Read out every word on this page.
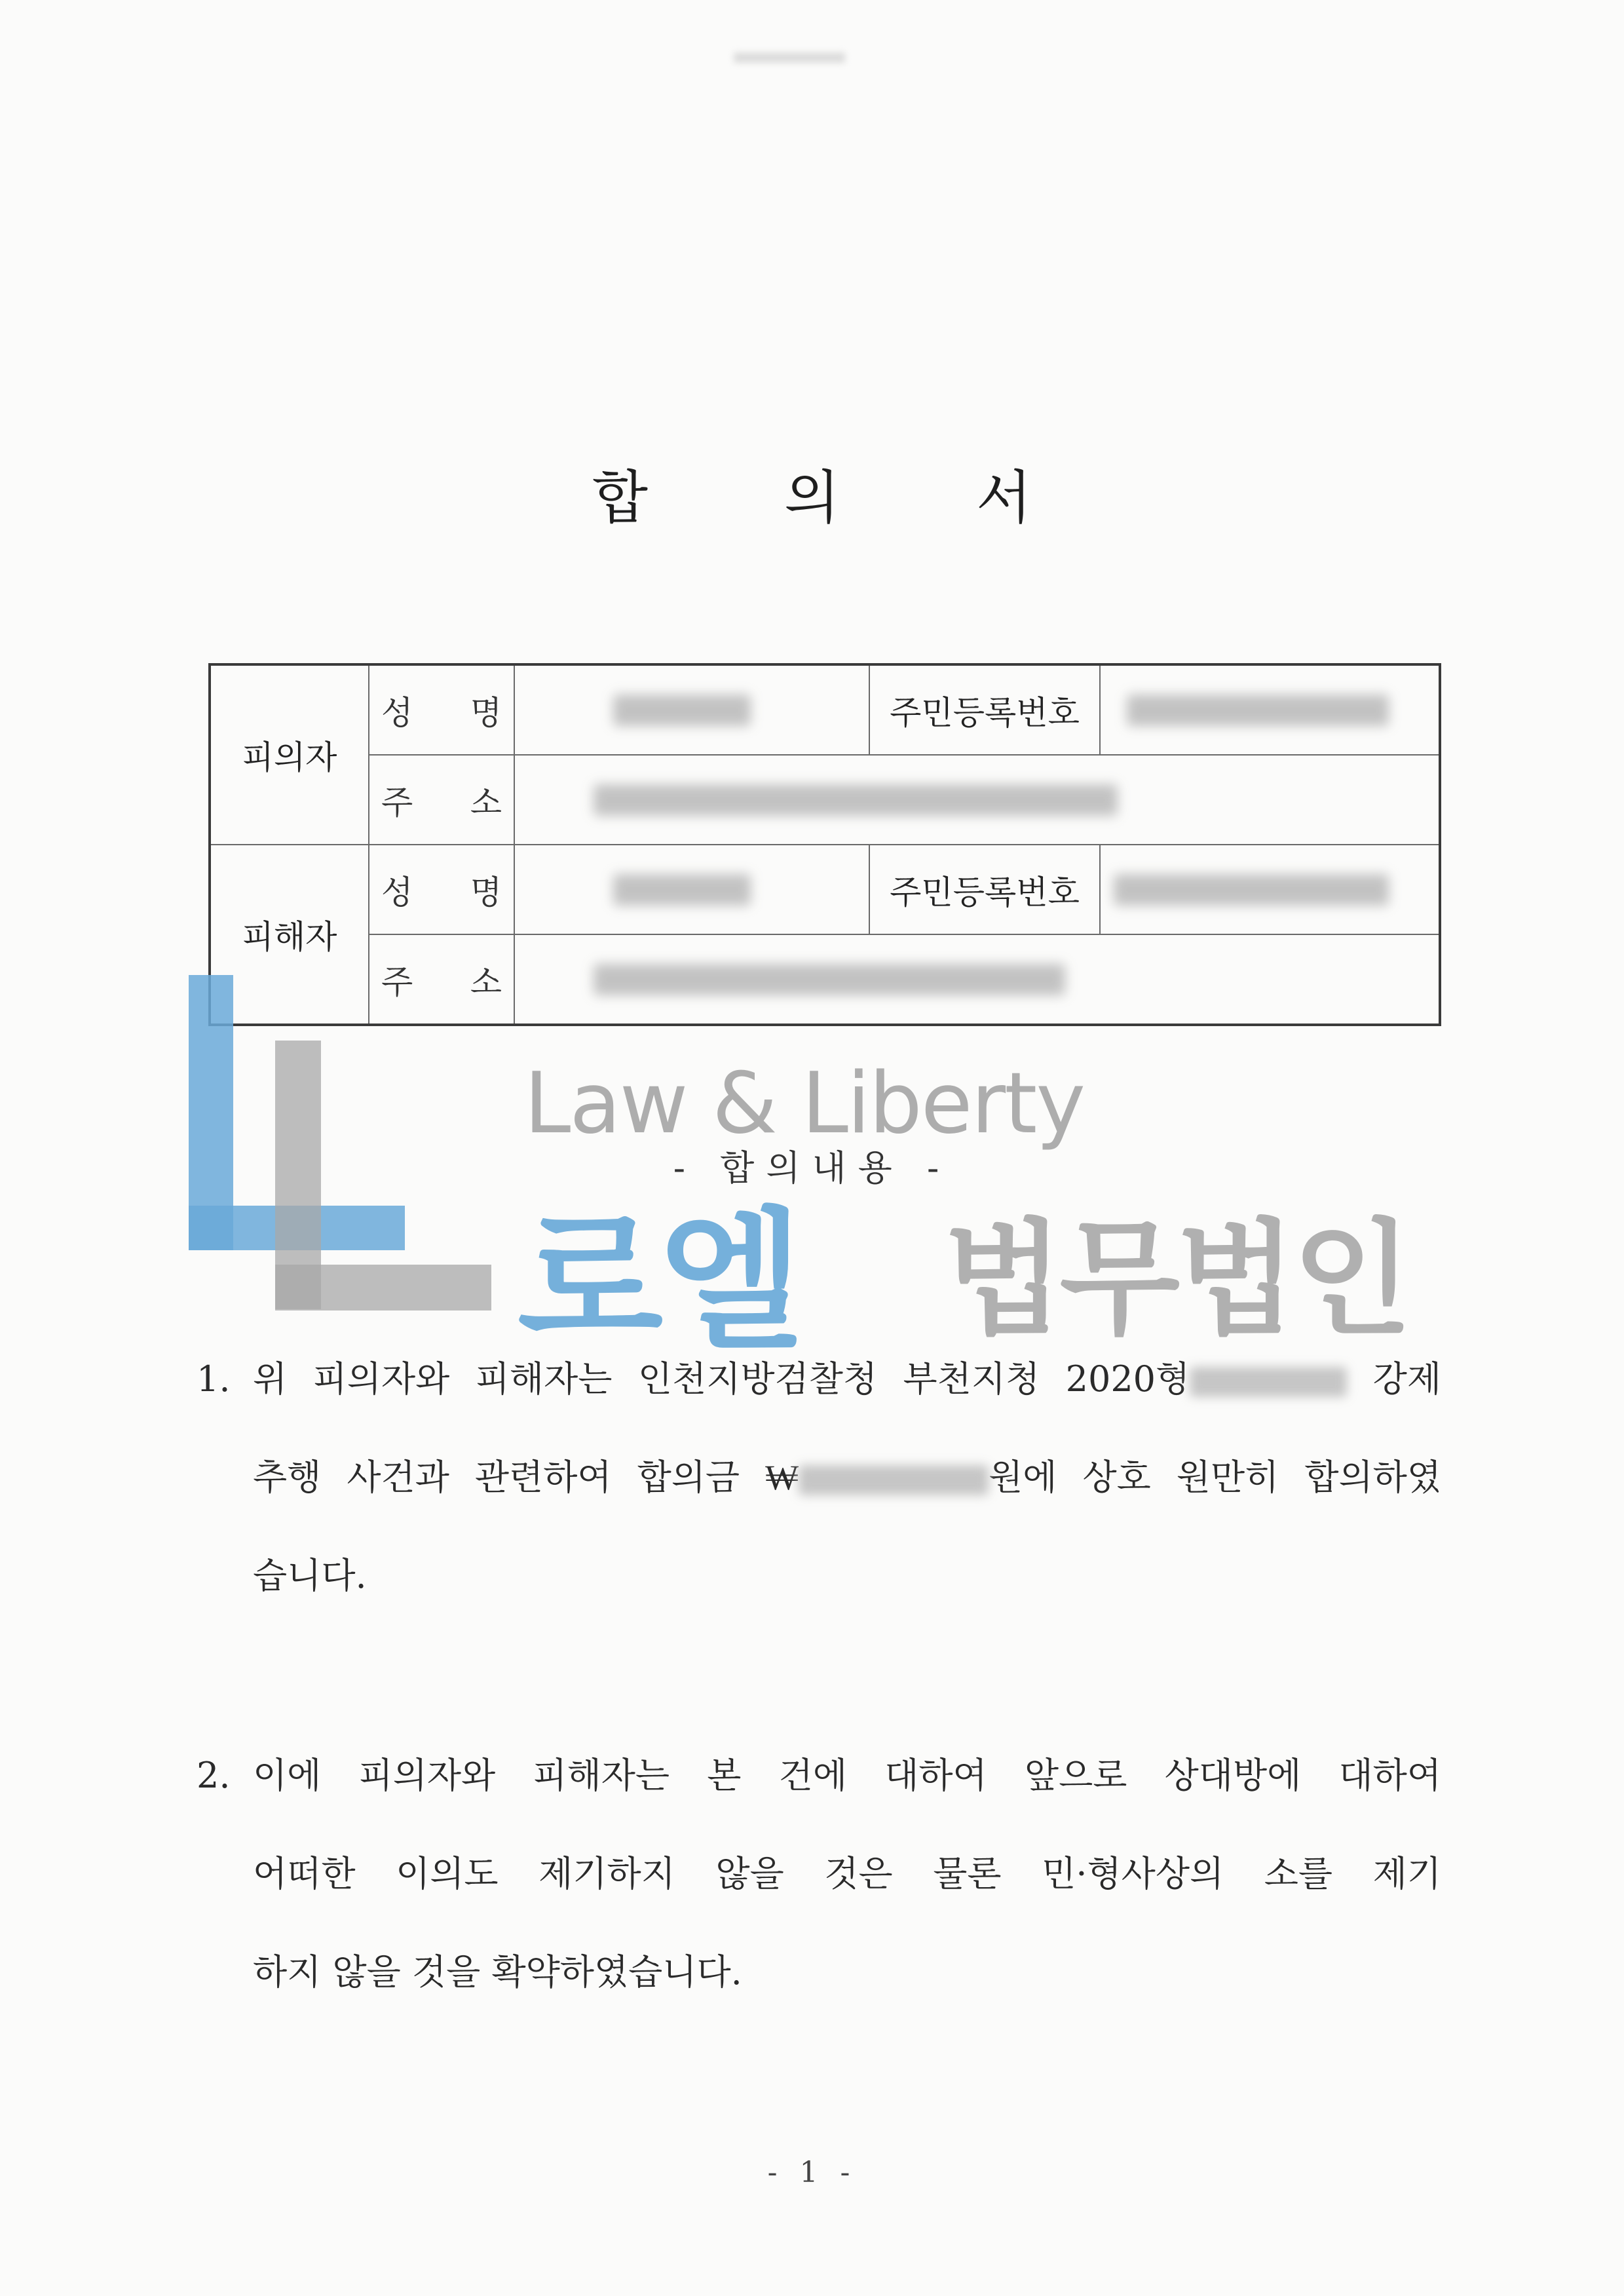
합 의 서
피의자	성 명		주민등록번호	

	주 소			

피해자	성 명		주민등록번호	

	주 소			

- 합의내용 -
1. 위 피의자와 피해자는 인천지방검찰청 부천지청 2020형	강제
추행 사건과 관련하여 합의금 ₩	원에 상호 원만히 합의하였
습니다.
2. 이에 피의자와 피해자는 본 건에 대하여 앞으로 상대방에 대하여
어떠한 이의도 제기하지 않을 것은 물론 민·형사상의 소를 제기
하지 않을 것을 확약하였습니다.
- 1 -
Law & Liberty
로엘 법무법인
